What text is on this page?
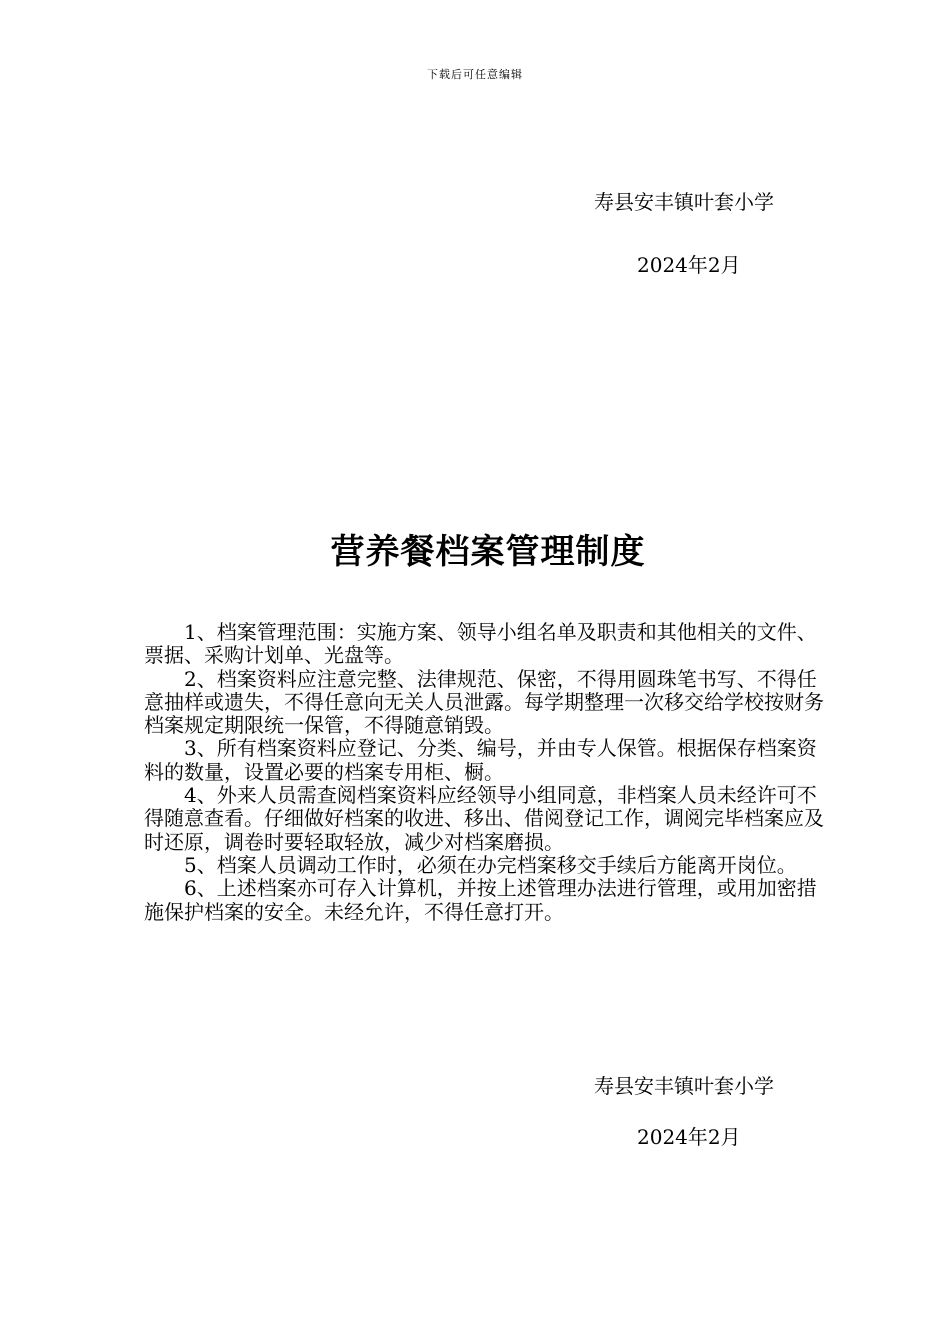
下载后可任意编辑
寿县安丰镇叶套小学
2024年2月
营养餐档案管理制度

1、档案管理范围：实施方案、领导小组名单及职责和其他相关的文件、票据、采购计划单、光盘等。

2、档案资料应注意完整、法律规范、保密，不得用圆珠笔书写、不得任意抽样或遗失，不得任意向无关人员泄露。每学期整理一次移交给学校按财务档案规定期限统一保管，不得随意销毁。

3、所有档案资料应登记、分类、编号，并由专人保管。根据保存档案资料的数量，设置必要的档案专用柜、橱。

4、外来人员需查阅档案资料应经领导小组同意，非档案人员未经许可不得随意查看。仔细做好档案的收进、移出、借阅登记工作，调阅完毕档案应及时还原，调卷时要轻取轻放，减少对档案磨损。

5、档案人员调动工作时，必须在办完档案移交手续后方能离开岗位。

6、上述档案亦可存入计算机，并按上述管理办法进行管理，或用加密措施保护档案的安全。未经允许，不得任意打开。

寿县安丰镇叶套小学
2024年2月
